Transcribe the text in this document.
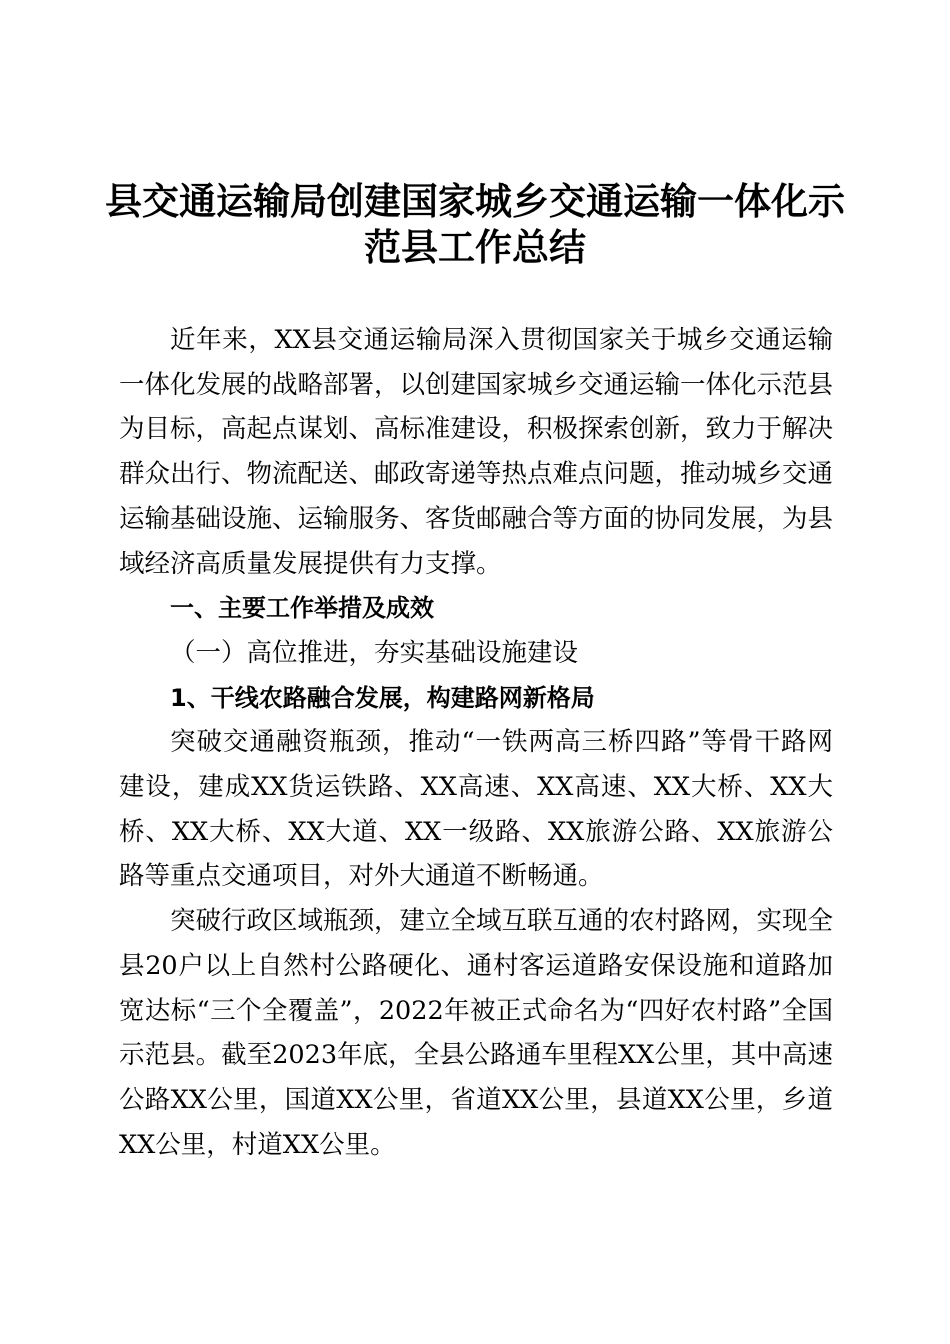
县交通运输局创建国家城乡交通运输一体化示范县工作总结

近年来，XX县交通运输局深入贯彻国家关于城乡交通运输一体化发展的战略部署，以创建国家城乡交通运输一体化示范县为目标，高起点谋划、高标准建设，积极探索创新，致力于解决群众出行、物流配送、邮政寄递等热点难点问题，推动城乡交通运输基础设施、运输服务、客货邮融合等方面的协同发展，为县域经济高质量发展提供有力支撑。

一、主要工作举措及成效

（一）高位推进，夯实基础设施建设

1、干线农路融合发展，构建路网新格局

突破交通融资瓶颈，推动“一铁两高三桥四路”等骨干路网建设，建成XX货运铁路、XX高速、XX高速、XX大桥、XX大桥、XX大桥、XX大道、XX一级路、XX旅游公路、XX旅游公路等重点交通项目，对外大通道不断畅通。

突破行政区域瓶颈，建立全域互联互通的农村路网，实现全县20户以上自然村公路硬化、通村客运道路安保设施和道路加宽达标“三个全覆盖”，2022年被正式命名为“四好农村路”全国示范县。截至2023年底，全县公路通车里程XX公里，其中高速公路XX公里，国道XX公里，省道XX公里，县道XX公里，乡道XX公里，村道XX公里。
